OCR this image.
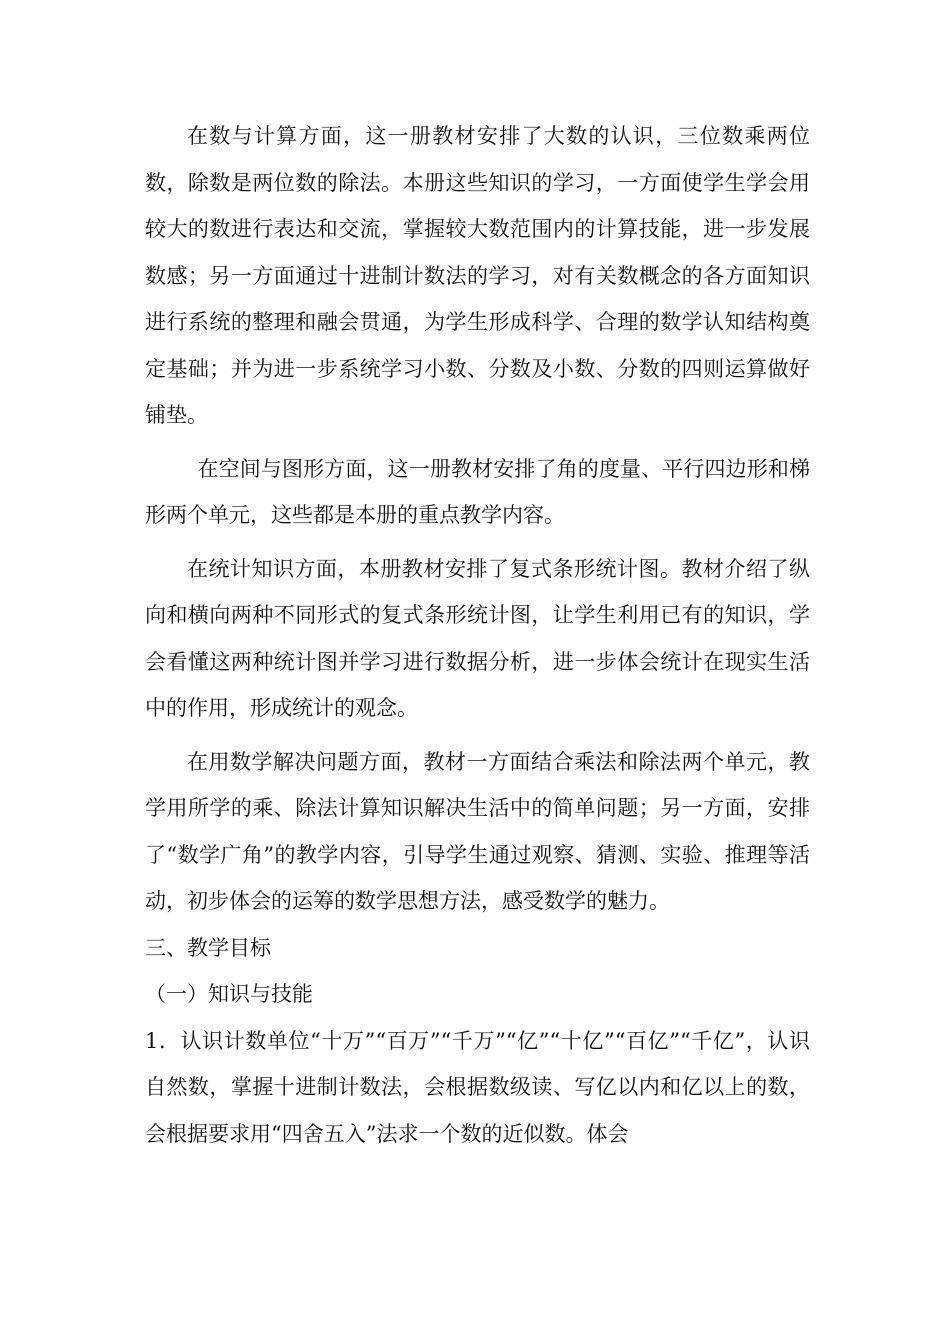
在数与计算方面，这一册教材安排了大数的认识，三位数乘两位数，除数是两位数的除法。本册这些知识的学习，一方面使学生学会用较大的数进行表达和交流，掌握较大数范围内的计算技能，进一步发展数感；另一方面通过十进制计数法的学习，对有关数概念的各方面知识进行系统的整理和融会贯通，为学生形成科学、合理的数学认知结构奠定基础；并为进一步系统学习小数、分数及小数、分数的四则运算做好铺垫。

在空间与图形方面，这一册教材安排了角的度量、平行四边形和梯形两个单元，这些都是本册的重点教学内容。

在统计知识方面，本册教材安排了复式条形统计图。教材介绍了纵向和横向两种不同形式的复式条形统计图，让学生利用已有的知识，学会看懂这两种统计图并学习进行数据分析，进一步体会统计在现实生活中的作用，形成统计的观念。

在用数学解决问题方面，教材一方面结合乘法和除法两个单元，教学用所学的乘、除法计算知识解决生活中的简单问题；另一方面，安排了“数学广角”的教学内容，引导学生通过观察、猜测、实验、推理等活动，初步体会的运筹的数学思想方法，感受数学的魅力。

三、教学目标

（一）知识与技能

1．认识计数单位“十万”“百万”“千万”“亿”“十亿”“百亿”“千亿”，认识自然数，掌握十进制计数法，会根据数级读、写亿以内和亿以上的数，会根据要求用“四舍五入”法求一个数的近似数。体会
